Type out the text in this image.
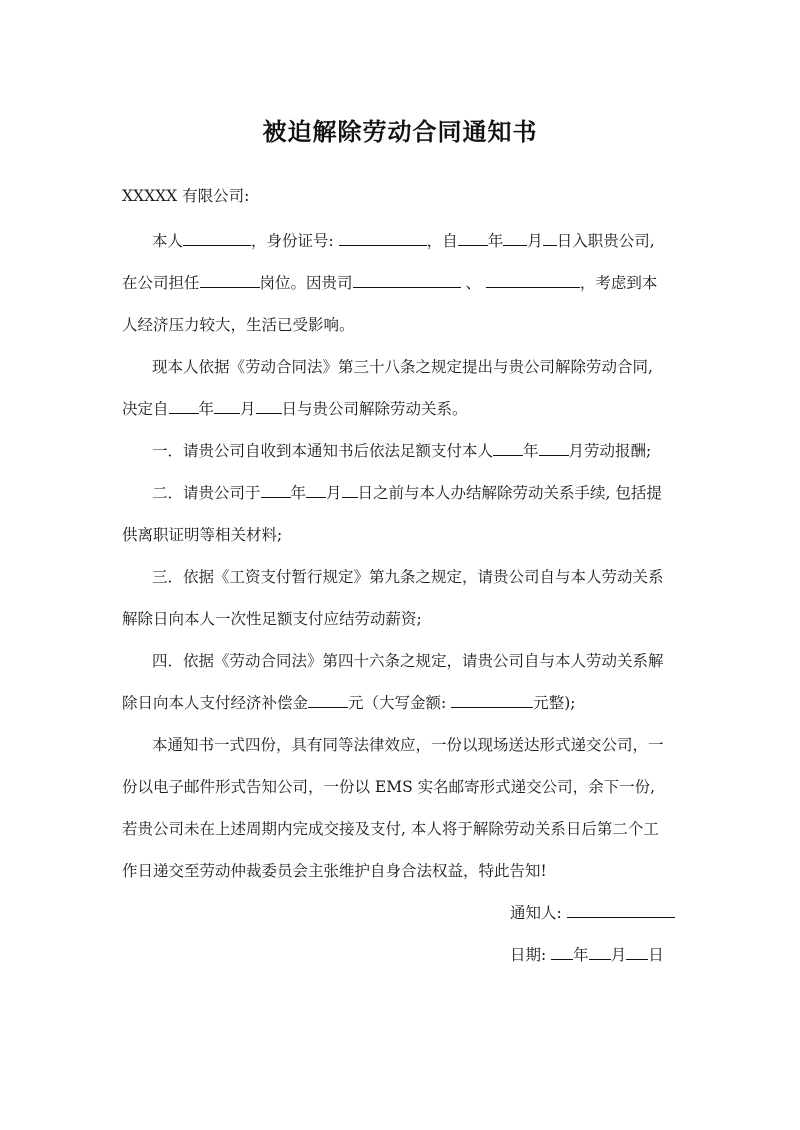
被迫解除劳动合同通知书
XXXXX 有限公司:
本人	，身份证号:	，自 年 月 日入职贵公司,
在公司担任	岗位。因贵司	、	，考虑到本
人经济压力较大，生活已受影响。
现本人依据《劳动合同法》第三十八条之规定提出与贵公司解除劳动合同,
决定自 年 月 日与贵公司解除劳动关系。
一．请贵公司自收到本通知书后依法足额支付本人 年 月劳动报酬;
二．请贵公司于 年 月 日之前与本人办结解除劳动关系手续, 包括提
供离职证明等相关材料;
三．依据《工资支付暂行规定》第九条之规定，请贵公司自与本人劳动关系
解除日向本人一次性足额支付应结劳动薪资;
四．依据《劳动合同法》第四十六条之规定，请贵公司自与本人劳动关系解
除日向本人支付经济补偿金	元（大写金额:	元整);
本通知书一式四份，具有同等法律效应，一份以现场送达形式递交公司，一
份以电子邮件形式告知公司，一份以 EMS 实名邮寄形式递交公司，余下一份,
若贵公司未在上述周期内完成交接及支付, 本人将于解除劳动关系日后第二个工
作日递交至劳动仲裁委员会主张维护自身合法权益，特此告知!
通知人:
日期: 年 月 日
